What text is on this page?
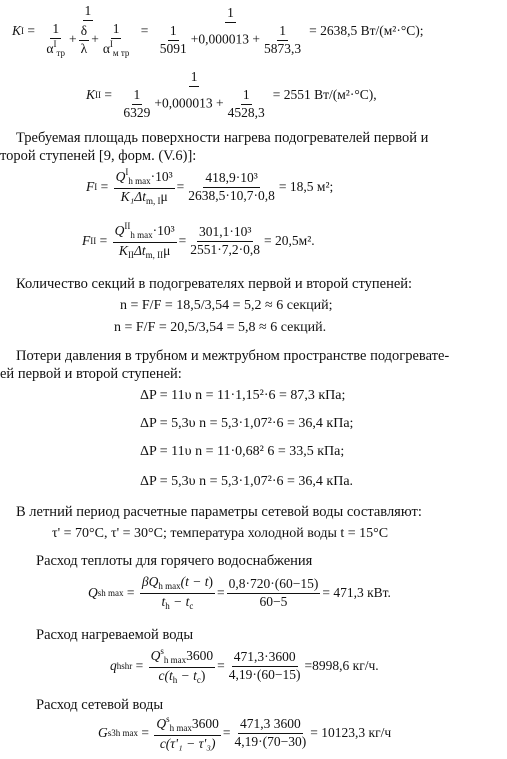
K $I = \frac{1}{\frac{1}{\alpha^I_{тр}} + \frac{\delta}{\lambda} + \frac{1}{\alpha^I_{м тр}}} = \frac{1}{\frac{1}{5091} +0,000013 + \frac{1}{5873,3}} = 2638,5$ Вт/(м²·°С);
K II = $\frac{1}{\frac{1}{6329} +0,000013 + \frac{1}{4528,3}} = 2551$ Вт/(м²·°С),
Требуемая площадь поверхности нагрева подогревателей первой и
торой ступеней [9, форм. (V.6)]:
F $I = \frac{Q^I_{h max}\cdot 10^3}{K_1\Delta t_{m, I}\mu} = \frac{\text{418,9·10³}}{2638,5\cdot 10,7\cdot 0,8} = 18,5$ м²;
F II = $\frac{Q^{II}_{h max}\cdot 10^3}{K_{II}\Delta t_{m, II}\mu} = \frac{\text{301,1·10³}}{2551\cdot 7,2\cdot 0,8} = 20,5м^2$.
Количество секций в подогревателях первой и второй ступеней:
n = F/F = 18,5/3,54 = 5,2 ≈ 6 секций;
n = F/F = 20,5/3,54 = 5,8 ≈ 6 секций.
Потери давления в трубном и межтрубном пространстве подогревате-
ей первой и второй ступеней:
ΔP = 11υ n = 11·1,15²·6 = 87,3 кПа;
ΔP = 5,3υ n = 5,3·1,07²·6 = 36,4 кПа;
ΔP = 11υ n = 11·0,68² 6 = 33,5 кПа;
ΔP = 5,3υ n = 5,3·1,07²·6 = 36,4 кПа.
В летний период расчетные параметры сетевой воды составляют:
τ' = 70°C, τ' = 30°C; температура холодной воды t = 15°C
Расход теплоты для горячего водоснабжения
Q s h $\max = \frac{\beta Q_{h max}(t - t)}{t_h - t_c} = \frac{0,8\cdot 720\cdot(60-15)}{60-5} = 471,3$ кВт.
Расход нагреваемой воды
q hs hr = $\frac{Q^s_{h max}3600}{c(t_h - t_c)} = \frac{471,3\cdot 3600}{4,19\cdot(60-15)} =8998,6$ кг/ч.
Расход сетевой воды
G s 3h $\max = \frac{Q^s_{h max}3600}{\text{c(τ'₁ − τ'₃)}} = \frac{471,3 3600}{4,19\cdot(70-30)} = 10123,3$ кг/ч
